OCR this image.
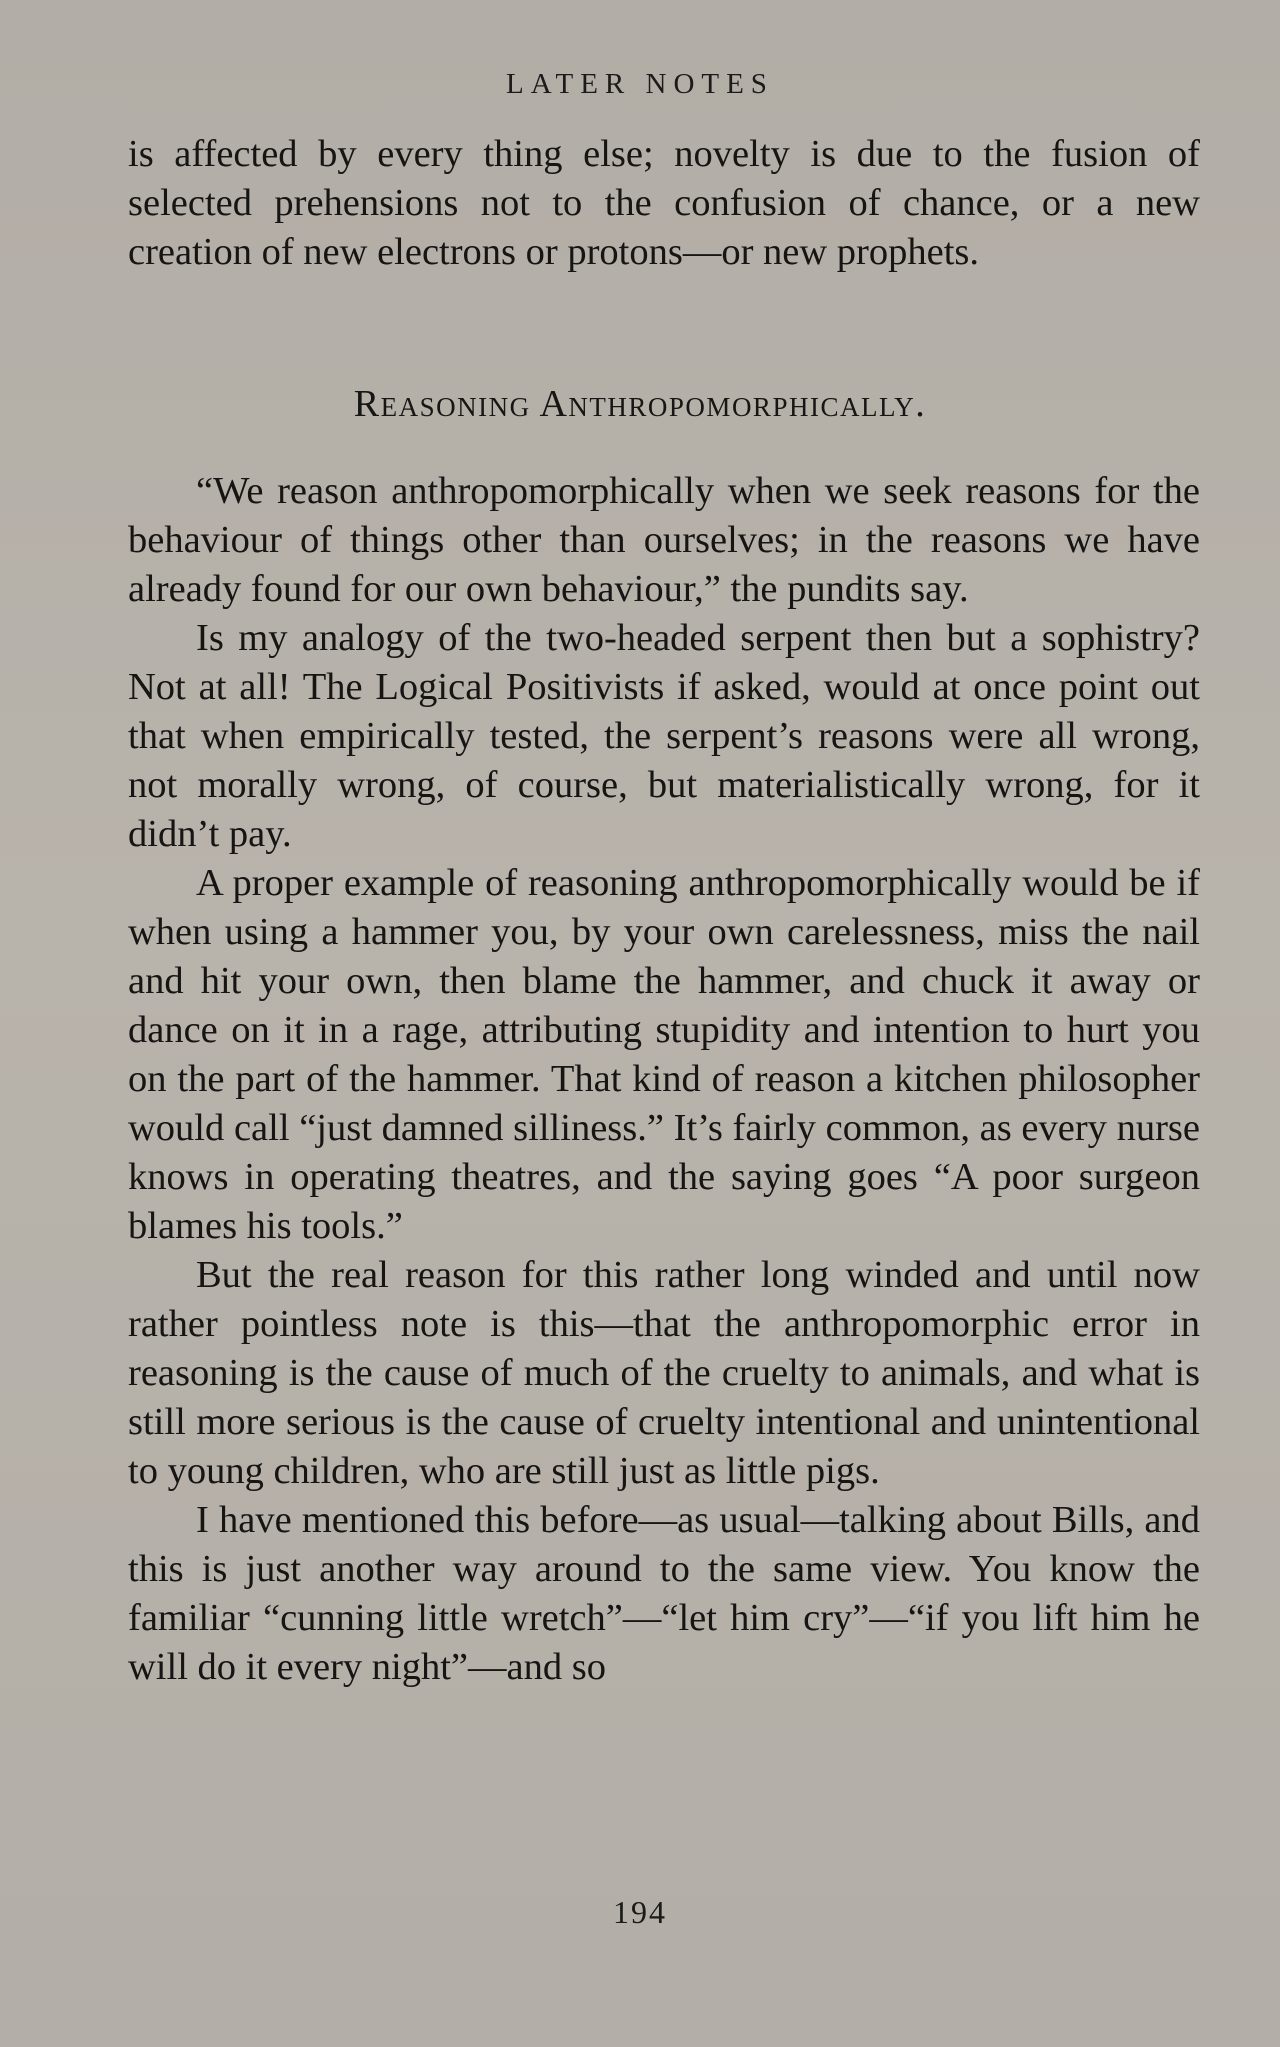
LATER NOTES

is affected by every thing else; novelty is due to the fusion of selected prehensions not to the confusion of chance, or a new creation of new electrons or protons—or new prophets.

Reasoning Anthropomorphically.

“We reason anthropomorphically when we seek reasons for the behaviour of things other than ourselves; in the reasons we have already found for our own behaviour,” the pundits say.

Is my analogy of the two-headed serpent then but a sophistry? Not at all! The Logical Positivists if asked, would at once point out that when empirically tested, the serpent’s reasons were all wrong, not morally wrong, of course, but materialistically wrong, for it didn’t pay.

A proper example of reasoning anthropomorphically would be if when using a hammer you, by your own carelessness, miss the nail and hit your own, then blame the hammer, and chuck it away or dance on it in a rage, attributing stupidity and intention to hurt you on the part of the hammer. That kind of reason a kitchen philosopher would call “just damned silliness.” It’s fairly common, as every nurse knows in operating theatres, and the saying goes “A poor surgeon blames his tools.”

But the real reason for this rather long winded and until now rather pointless note is this—that the anthropomorphic error in reasoning is the cause of much of the cruelty to animals, and what is still more serious is the cause of cruelty intentional and unintentional to young children, who are still just as little pigs.

I have mentioned this before—as usual—talking about Bills, and this is just another way around to the same view. You know the familiar “cunning little wretch”—“let him cry”—“if you lift him he will do it every night”—and so

194
